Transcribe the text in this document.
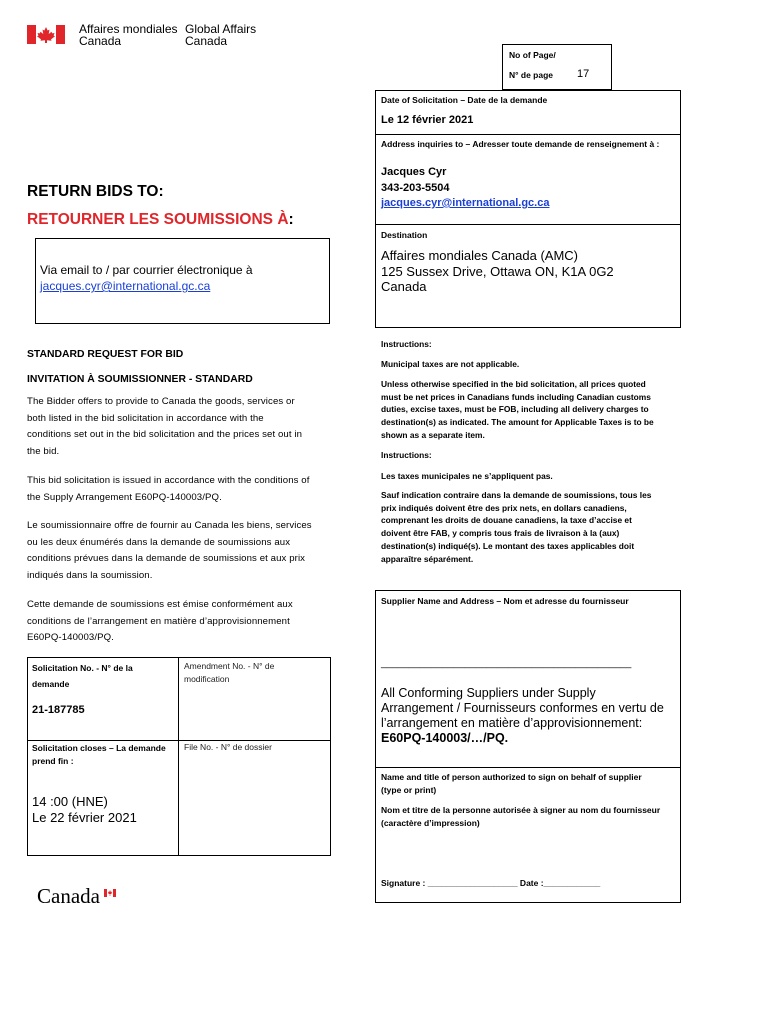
Affaires mondiales
Canada
Global Affairs
Canada
No of Page/
N° de page 17
Date of Solicitation – Date de la demande
Le 12 février 2021
Address inquiries to – Adresser toute demande de renseignement à :
Jacques Cyr
343-203-5504
jacques.cyr@international.gc.ca
Destination
Affaires mondiales Canada (AMC)
125 Sussex Drive, Ottawa ON, K1A 0G2
Canada
RETURN BIDS TO:
RETOURNER LES SOUMISSIONS À:
Via email to / par courrier électronique à
jacques.cyr@international.gc.ca
STANDARD REQUEST FOR BID
INVITATION À SOUMISSIONNER - STANDARD
The Bidder offers to provide to Canada the goods, services or
both listed in the bid solicitation in accordance with the
conditions set out in the bid solicitation and the prices set out in
the bid.
This bid solicitation is issued in accordance with the conditions of
the Supply Arrangement E60PQ-140003/PQ.
Le soumissionnaire offre de fournir au Canada les biens, services
ou les deux énumérés dans la demande de soumissions aux
conditions prévues dans la demande de soumissions et aux prix
indiqués dans la soumission.
Cette demande de soumissions est émise conformément aux
conditions de l’arrangement en matière d’approvisionnement
E60PQ-140003/PQ.
Instructions:
Municipal taxes are not applicable.
Unless otherwise specified in the bid solicitation, all prices quoted
must be net prices in Canadians funds including Canadian customs
duties, excise taxes, must be FOB, including all delivery charges to
destination(s) as indicated. The amount for Applicable Taxes is to be
shown as a separate item.
Instructions:
Les taxes municipales ne s’appliquent pas.
Sauf indication contraire dans la demande de soumissions, tous les
prix indiqués doivent être des prix nets, en dollars canadiens,
comprenant les droits de douane canadiens, la taxe d’accise et
doivent être FAB, y compris tous frais de livraison à la (aux)
destination(s) indiqué(s). Le montant des taxes applicables doit
apparaître séparément.
Solicitation No. - N° de la
demande
21-187785
Amendment No. - N° de
modification
Solicitation closes – La demande
prend fin :
14 :00 (HNE)
Le 22 février 2021
File No. - N° de dossier
Supplier Name and Address – Nom et adresse du fournisseur
_____________________________________________
All Conforming Suppliers under Supply
Arrangement / Fournisseurs conformes en vertu de
l’arrangement en matière d’approvisionnement:
E60PQ-140003/…/PQ.
Name and title of person authorized to sign on behalf of supplier
(type or print)
Nom et titre de la personne autorisée à signer au nom du fournisseur
(caractère d’impression)
Signature : ___________________ Date :____________
Canada
